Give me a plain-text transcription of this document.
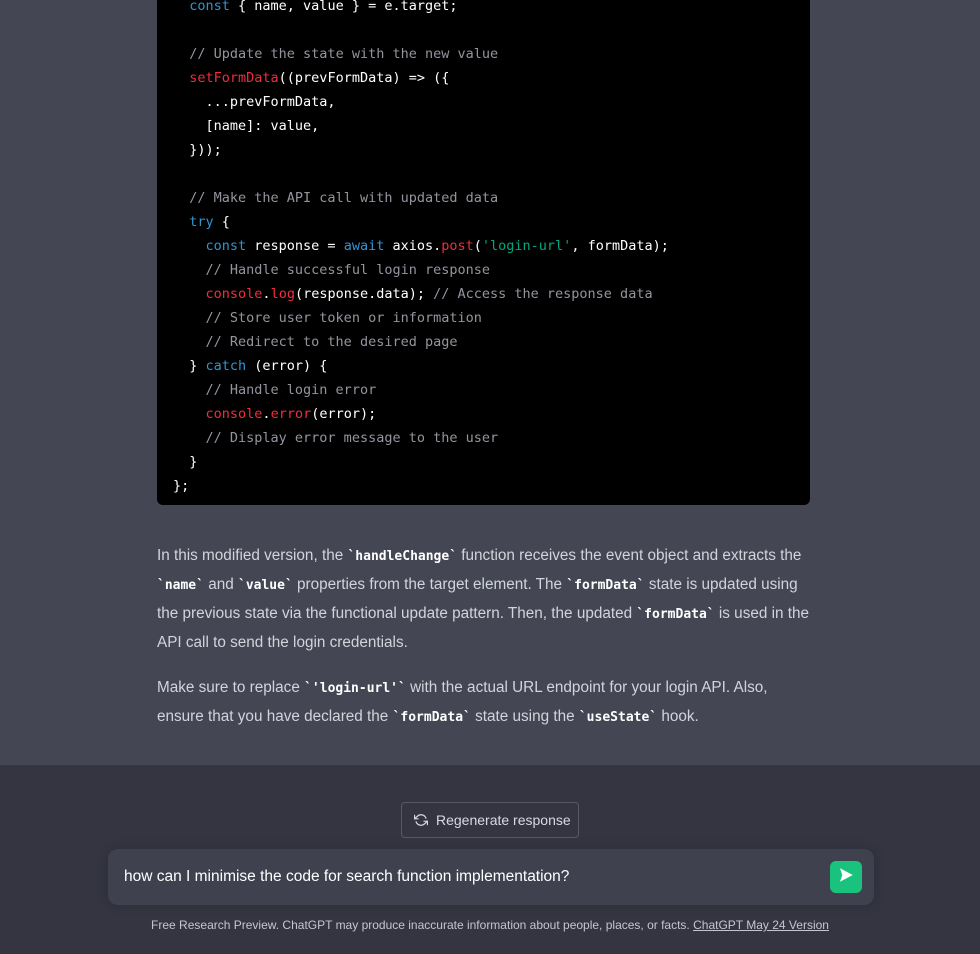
const { name, value } = e.target;
// Update the state with the new value
setFormData((prevFormData) => ({
...prevFormData,
[name]: value,
}));
// Make the API call with updated data
try {
const response = await axios.post('login-url', formData);
// Handle successful login response
console.log(response.data); // Access the response data
// Store user token or information
// Redirect to the desired page
} catch (error) {
// Handle login error
console.error(error);
// Display error message to the user
}
};

In this modified version, the `handleChange` function receives the event object and extracts the `name` and `value` properties from the target element. The `formData` state is updated using the previous state via the functional update pattern. Then, the updated `formData` is used in the API call to send the login credentials.

Make sure to replace `'login-url'` with the actual URL endpoint for your login API. Also, ensure that you have declared the `formData` state using the `useState` hook.

Regenerate response
how can I minimise the code for search function implementation?
Free Research Preview. ChatGPT may produce inaccurate information about people, places, or facts. ChatGPT May 24 Version
